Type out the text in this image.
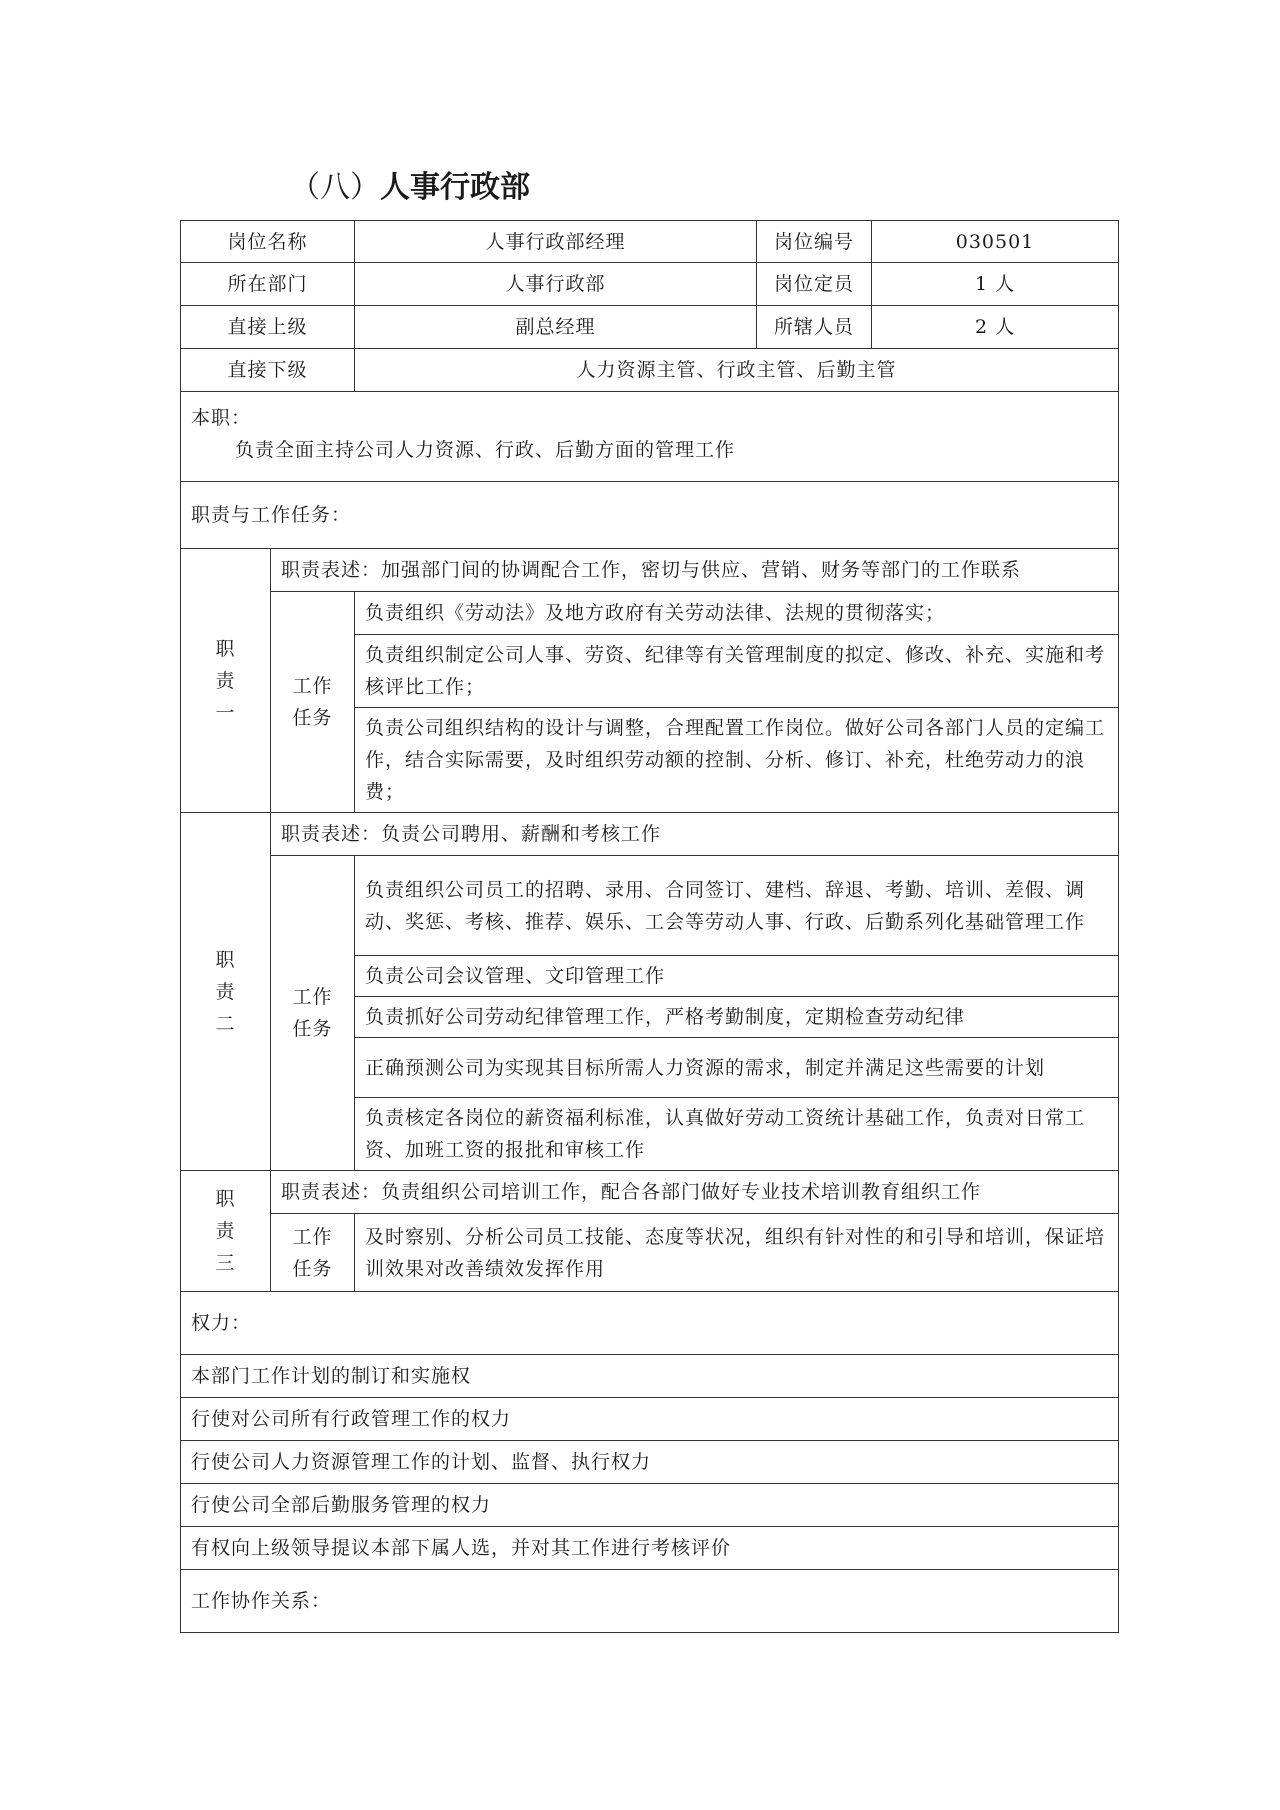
（八）人事行政部
岗位名称		人事行政部经理	岗位编号	030501
所在部门		人事行政部	岗位定员	1 人
直接上级		副总经理	所辖人员	2 人
直接下级		人力资源主管、行政主管、后勤主管		

本职：
负责全面主持公司人力资源、行政、后勤方面的管理工作				

职责与工作任务：				

职
责
一	职责表述：加强部门间的协调配合工作，密切与供应、营销、财务等部门的工作联系			

	工作
任务	负责组织《劳动法》及地方政府有关劳动法律、法规的贯彻落实；		
		负责组织制定公司人事、劳资、纪律等有关管理制度的拟定、修改、补充、实施和考核评比工作；		
		负责公司组织结构的设计与调整，合理配置工作岗位。做好公司各部门人员的定编工作，结合实际需要，及时组织劳动额的控制、分析、修订、补充，杜绝劳动力的浪费；		

职
责
二	职责表述：负责公司聘用、薪酬和考核工作			

	工作
任务	负责组织公司员工的招聘、录用、合同签订、建档、辞退、考勤、培训、差假、调动、奖惩、考核、推荐、娱乐、工会等劳动人事、行政、后勤系列化基础管理工作		
		负责公司会议管理、文印管理工作		
		负责抓好公司劳动纪律管理工作，严格考勤制度，定期检查劳动纪律		
		正确预测公司为实现其目标所需人力资源的需求，制定并满足这些需要的计划		
		负责核定各岗位的薪资福利标准，认真做好劳动工资统计基础工作，负责对日常工资、加班工资的报批和审核工作		

职
责
三	职责表述：负责组织公司培训工作，配合各部门做好专业技术培训教育组织工作			

	工作
任务	及时察别、分析公司员工技能、态度等状况，组织有针对性的和引导和培训，保证培训效果对改善绩效发挥作用		
权力：				
本部门工作计划的制订和实施权				
行使对公司所有行政管理工作的权力				
行使公司人力资源管理工作的计划、监督、执行权力				
行使公司全部后勤服务管理的权力				
有权向上级领导提议本部下属人选，并对其工作进行考核评价				
工作协作关系：				
